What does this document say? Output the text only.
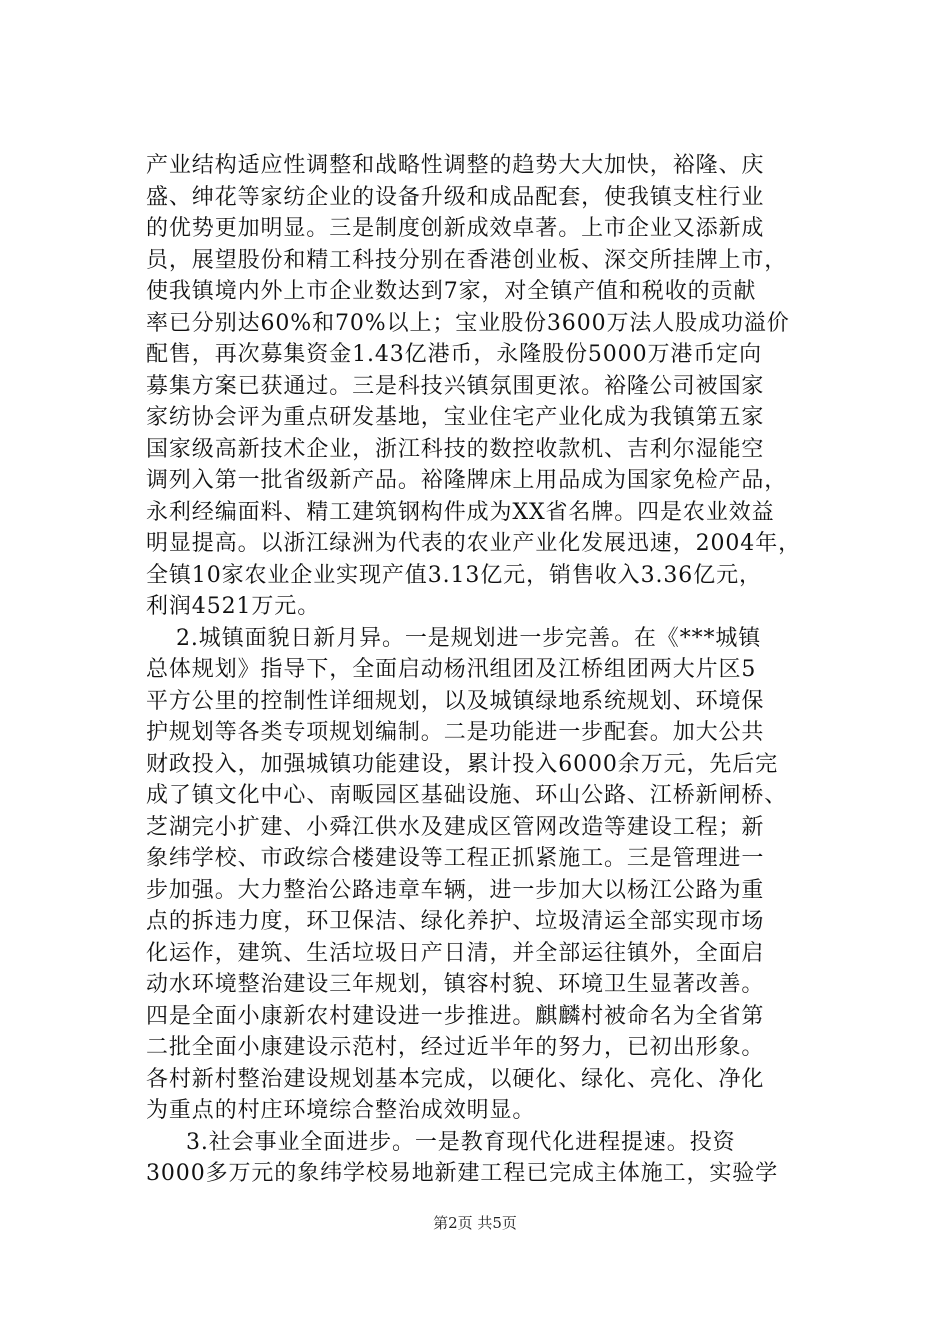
产业结构适应性调整和战略性调整的趋势大大加快，裕隆、庆
盛、绅花等家纺企业的设备升级和成品配套，使我镇支柱行业
的优势更加明显。三是制度创新成效卓著。上市企业又添新成
员，展望股份和精工科技分别在香港创业板、深交所挂牌上市，
使我镇境内外上市企业数达到7家，对全镇产值和税收的贡献
率已分别达60%和70%以上；宝业股份3600万法人股成功溢价
配售，再次募集资金1.43亿港币，永隆股份5000万港币定向
募集方案已获通过。三是科技兴镇氛围更浓。裕隆公司被国家
家纺协会评为重点研发基地，宝业住宅产业化成为我镇第五家
国家级高新技术企业，浙江科技的数控收款机、吉利尔湿能空
调列入第一批省级新产品。裕隆牌床上用品成为国家免检产品，
永利经编面料、精工建筑钢构件成为XX省名牌。四是农业效益
明显提高。以浙江绿洲为代表的农业产业化发展迅速，2004年，
全镇10家农业企业实现产值3.13亿元，销售收入3.36亿元，
利润4521万元。
2.城镇面貌日新月异。一是规划进一步完善。在《***城镇
总体规划》指导下，全面启动杨汛组团及江桥组团两大片区5
平方公里的控制性详细规划，以及城镇绿地系统规划、环境保
护规划等各类专项规划编制。二是功能进一步配套。加大公共
财政投入，加强城镇功能建设，累计投入6000余万元，先后完
成了镇文化中心、南畈园区基础设施、环山公路、江桥新闸桥、
芝湖完小扩建、小舜江供水及建成区管网改造等建设工程；新
象纬学校、市政综合楼建设等工程正抓紧施工。三是管理进一
步加强。大力整治公路违章车辆，进一步加大以杨江公路为重
点的拆违力度，环卫保洁、绿化养护、垃圾清运全部实现市场
化运作，建筑、生活垃圾日产日清，并全部运往镇外，全面启
动水环境整治建设三年规划，镇容村貌、环境卫生显著改善。
四是全面小康新农村建设进一步推进。麒麟村被命名为全省第
二批全面小康建设示范村，经过近半年的努力，已初出形象。
各村新村整治建设规划基本完成，以硬化、绿化、亮化、净化
为重点的村庄环境综合整治成效明显。
3.社会事业全面进步。一是教育现代化进程提速。投资
3000多万元的象纬学校易地新建工程已完成主体施工，实验学
第2页 共5页
